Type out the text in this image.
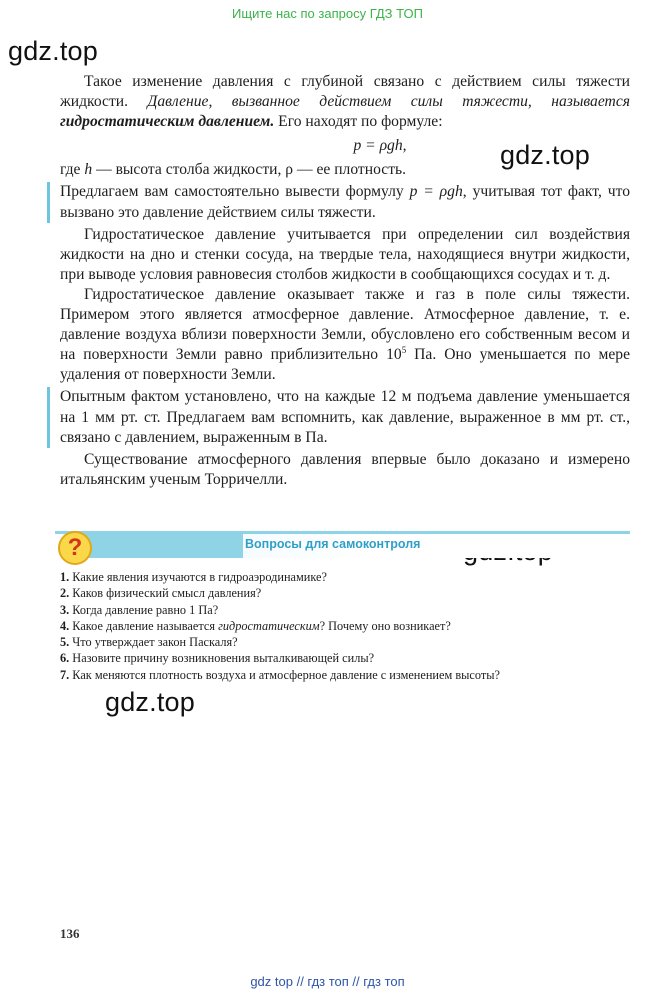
Ищите нас по запросу ГДЗ ТОП
gdz.top
gdz.top
gdz.top

Такое изменение давления с глубиной связано с действием силы тяжести жидкости. Давление, вызванное действием силы тяжести, называется гидростатическим давлением. Его находят по формуле:

p = ρgh,

где h — высота столба жидкости, ρ — ее плотность.

Предлагаем вам самостоятельно вывести формулу p = ρgh, учитывая тот факт, что вызвано это давление действием силы тяжести.

Гидростатическое давление учитывается при определении сил воздействия жидкости на дно и стенки сосуда, на твердые тела, находящиеся внутри жидкости, при выводе условия равновесия столбов жидкости в сообщающихся сосудах и т. д.

Гидростатическое давление оказывает также и газ в поле силы тяжести. Примером этого является атмосферное давление. Атмосферное давление, т. е. давление воздуха вблизи поверхности Земли, обусловлено его собственным весом и на поверхности Земли равно приблизительно $10^5$ Па. Оно уменьшается по мере удаления от поверхности Земли.

Опытным фактом установлено, что на каждые 12 м подъема давление уменьшается на 1 мм рт. ст. Предлагаем вам вспомнить, как давление, выраженное в мм рт. ст., связано с давлением, выраженным в Па.

Существование атмосферного давления впервые было доказано и измерено итальянским ученым Торричелли.

?	Вопросы для самоконтроля
1. Какие явления изучаются в гидроаэродинамике?
2. Каков физический смысл давления?
3. Когда давление равно 1 Па?
4. Какое давление называется гидростатическим? Почему оно возникает?
5. Что утверждает закон Паскаля?
6. Назовите причину возникновения выталкивающей силы?
7. Как меняются плотность воздуха и атмосферное давление с изменением высоты?
136
gdz top // гдз топ // гдз топ
